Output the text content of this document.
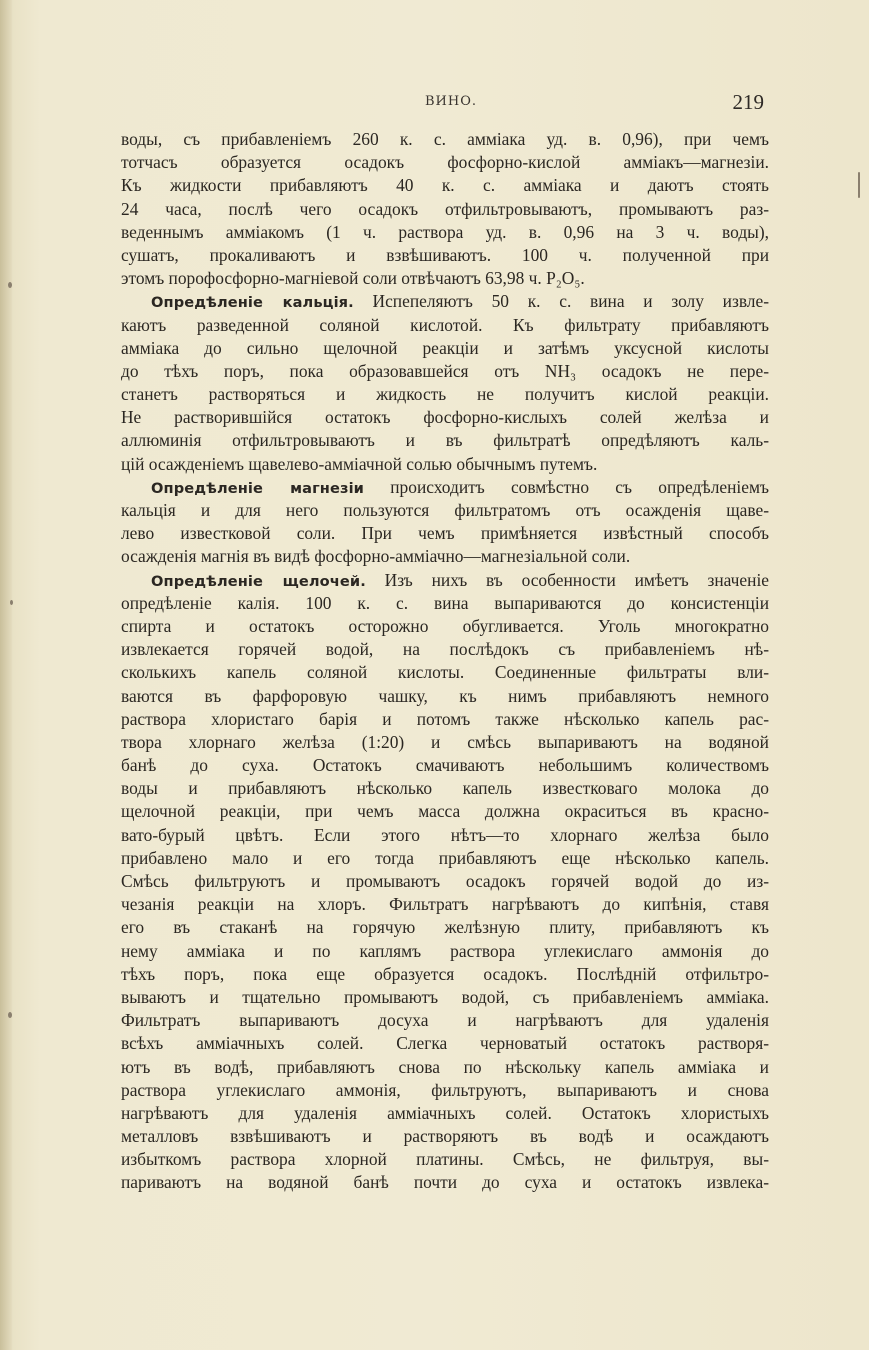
ВИНО.	219
воды, съ прибавленіемъ 260 к. с. амміака уд. в. 0,96), при чемъ
тотчасъ образуется осадокъ фосфорно-кислой амміакъ—магнезіи.
Къ жидкости прибавляютъ 40 к. с. амміака и даютъ стоять
24 часа, послѣ чего осадокъ отфильтровываютъ, промываютъ раз-
веденнымъ амміакомъ (1 ч. раствора уд. в. 0,96 на 3 ч. воды),
сушатъ, прокаливаютъ и взвѣшиваютъ. 100 ч. полученной при
этомъ порофосфорно-магніевой соли отвѣчаютъ 63,98 ч. P₂O₅.
Опредѣленіе кальція. Испепеляютъ 50 к. с. вина и золу извле-
каютъ разведенной соляной кислотой. Къ фильтрату прибавляютъ
амміака до сильно щелочной реакціи и затѣмъ уксусной кислоты
до тѣхъ поръ, пока образовавшейся отъ NH₃ осадокъ не пере-
станетъ растворяться и жидкость не получитъ кислой реакціи.
Не растворившійся остатокъ фосфорно-кислыхъ солей желѣза и
аллюминія отфильтровываютъ и въ фильтратѣ опредѣляютъ каль-
цій осажденіемъ щавелево-амміачной солью обычнымъ путемъ.
Опредѣленіе магнезіи происходитъ совмѣстно съ опредѣленіемъ
кальція и для него пользуются фильтратомъ отъ осажденія щаве-
лево известковой соли. При чемъ примѣняется извѣстный способъ
осажденія магнія въ видѣ фосфорно-амміачно—магнезіальной соли.
Опредѣленіе щелочей. Изъ нихъ въ особенности имѣетъ значеніе
опредѣленіе калія. 100 к. с. вина выпариваются до консистенціи
спирта и остатокъ осторожно обугливается. Уголь многократно
извлекается горячей водой, на послѣдокъ съ прибавленіемъ нѣ-
сколькихъ капель соляной кислоты. Соединенные фильтраты вли-
ваются въ фарфоровую чашку, къ нимъ прибавляютъ немного
раствора хлористаго барія и потомъ также нѣсколько капель рас-
твора хлорнаго желѣза (1:20) и смѣсь выпариваютъ на водяной
банѣ до суха. Остатокъ смачиваютъ небольшимъ количествомъ
воды и прибавляютъ нѣсколько капель известковаго молока до
щелочной реакціи, при чемъ масса должна окраситься въ красно-
вато-бурый цвѣтъ. Если этого нѣтъ—то хлорнаго желѣза было
прибавлено мало и его тогда прибавляютъ еще нѣсколько капель.
Смѣсь фильтруютъ и промываютъ осадокъ горячей водой до из-
чезанія реакціи на хлоръ. Фильтратъ нагрѣваютъ до кипѣнія, ставя
его въ стаканѣ на горячую желѣзную плиту, прибавляютъ къ
нему амміака и по каплямъ раствора углекислаго аммонія до
тѣхъ поръ, пока еще образуется осадокъ. Послѣдній отфильтро-
вываютъ и тщательно промываютъ водой, съ прибавленіемъ амміака.
Фильтратъ выпариваютъ досуха и нагрѣваютъ для удаленія
всѣхъ амміачныхъ солей. Слегка черноватый остатокъ растворя-
ютъ въ водѣ, прибавляютъ снова по нѣскольку капель амміака и
раствора углекислаго аммонія, фильтруютъ, выпариваютъ и снова
нагрѣваютъ для удаленія амміачныхъ солей. Остатокъ хлористыхъ
металловъ взвѣшиваютъ и растворяютъ въ водѣ и осаждаютъ
избыткомъ раствора хлорной платины. Смѣсь, не фильтруя, вы-
париваютъ на водяной банѣ почти до суха и остатокъ извлека-
